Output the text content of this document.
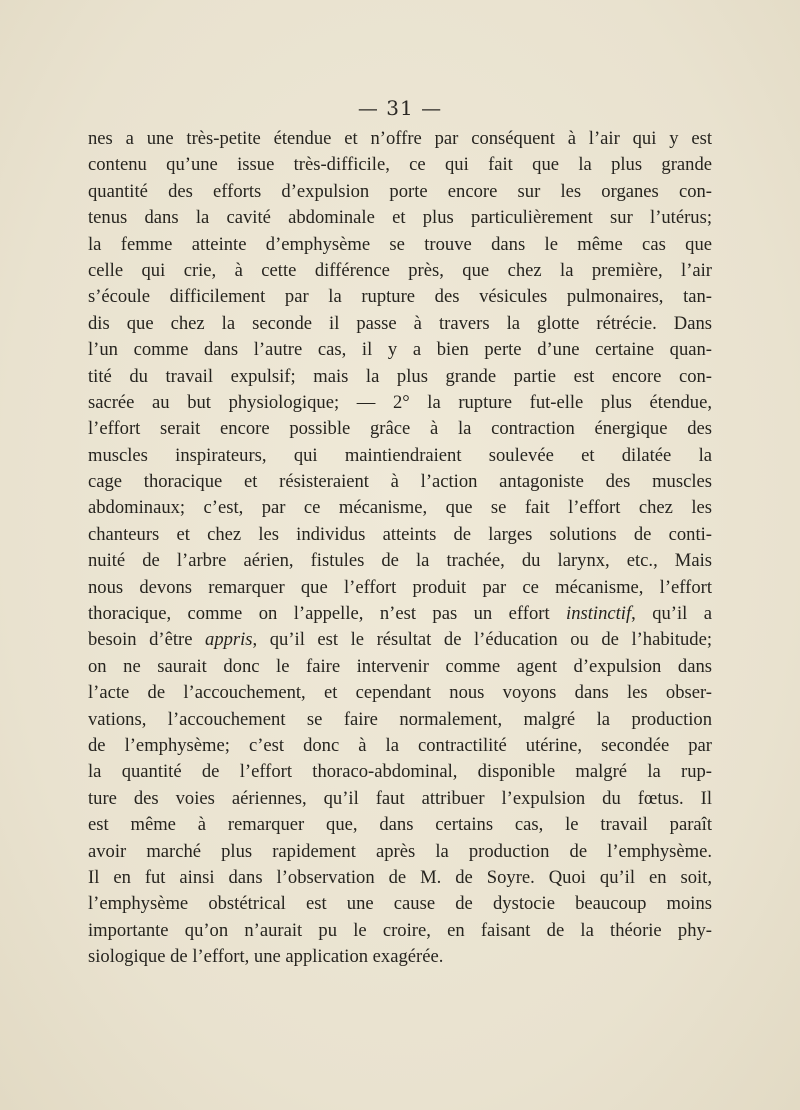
— 31 —
nes a une très-petite étendue et n’offre par conséquent à l’air qui y est
contenu qu’une issue très-difficile, ce qui fait que la plus grande
quantité des efforts d’expulsion porte encore sur les organes con-
tenus dans la cavité abdominale et plus particulièrement sur l’utérus;
la femme atteinte d’emphysème se trouve dans le même cas que
celle qui crie, à cette différence près, que chez la première, l’air
s’écoule difficilement par la rupture des vésicules pulmonaires, tan-
dis que chez la seconde il passe à travers la glotte rétrécie. Dans
l’un comme dans l’autre cas, il y a bien perte d’une certaine quan-
tité du travail expulsif; mais la plus grande partie est encore con-
sacrée au but physiologique; — 2° la rupture fut-elle plus étendue,
l’effort serait encore possible grâce à la contraction énergique des
muscles inspirateurs, qui maintiendraient soulevée et dilatée la
cage thoracique et résisteraient à l’action antagoniste des muscles
abdominaux; c’est, par ce mécanisme, que se fait l’effort chez les
chanteurs et chez les individus atteints de larges solutions de conti-
nuité de l’arbre aérien, fistules de la trachée, du larynx, etc., Mais
nous devons remarquer que l’effort produit par ce mécanisme, l’effort
thoracique, comme on l’appelle, n’est pas un effort instinctif, qu’il a
besoin d’être appris, qu’il est le résultat de l’éducation ou de l’habitude;
on ne saurait donc le faire intervenir comme agent d’expulsion dans
l’acte de l’accouchement, et cependant nous voyons dans les obser-
vations, l’accouchement se faire normalement, malgré la production
de l’emphysème; c’est donc à la contractilité utérine, secondée par
la quantité de l’effort thoraco-abdominal, disponible malgré la rup-
ture des voies aériennes, qu’il faut attribuer l’expulsion du fœtus. Il
est même à remarquer que, dans certains cas, le travail paraît
avoir marché plus rapidement après la production de l’emphysème.
Il en fut ainsi dans l’observation de M. de Soyre. Quoi qu’il en soit,
l’emphysème obstétrical est une cause de dystocie beaucoup moins
importante qu’on n’aurait pu le croire, en faisant de la théorie phy-
siologique de l’effort, une application exagérée.
